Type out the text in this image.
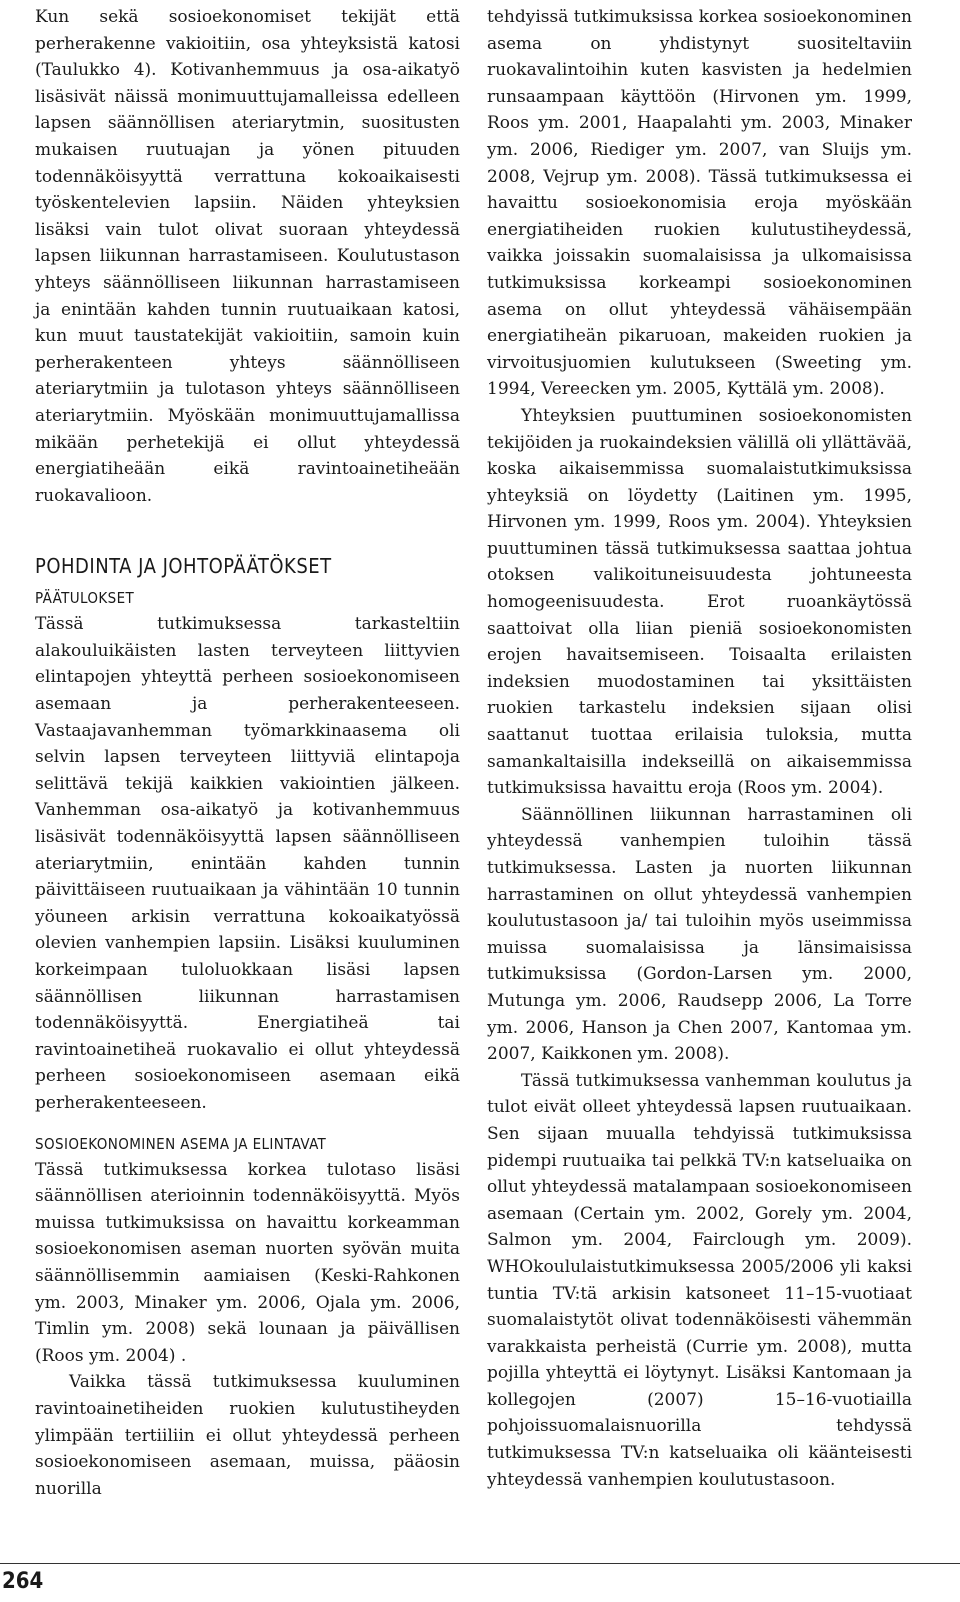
Kun sekä sosioekonomiset tekijät että perherakenne vakioitiin, osa yhteyksistä katosi (Taulukko 4). Kotivanhemmuus ja osa-aikatyö lisäsivät näissä monimuuttujamalleissa edelleen lapsen säännöllisen ateriarytmin, suositusten mukaisen ruutuajan ja yönen pituuden todennäköisyyttä verrattuna kokoaikaisesti työskentelevien lapsiin. Näiden yhteyksien lisäksi vain tulot olivat suoraan yhteydessä lapsen liikunnan harrastamiseen. Koulutustason yhteys säännölliseen liikunnan harrastamiseen ja enintään kahden tunnin ruutuaikaan katosi, kun muut taustatekijät vakioitiin, samoin kuin perherakenteen yhteys säännölliseen ateriarytmiin ja tulotason yhteys säännölliseen ateriarytmiin. Myöskään monimuuttujamallissa mikään perhetekijä ei ollut yhteydessä energiatiheään eikä ravintoainetiheään ruokavalioon.

POHDINTA JA JOHTOPÄÄTÖKSET
PÄÄTULOKSET

Tässä tutkimuksessa tarkasteltiin alakouluikäisten lasten terveyteen liittyvien elintapojen yhteyttä perheen sosioekonomiseen asemaan ja perherakenteeseen. Vastaajavanhemman työmarkkinaasema oli selvin lapsen terveyteen liittyviä elintapoja selittävä tekijä kaikkien vakiointien jälkeen. Vanhemman osa-aikatyö ja kotivanhemmuus lisäsivät todennäköisyyttä lapsen säännölliseen ateriarytmiin, enintään kahden tunnin päivittäiseen ruutuaikaan ja vähintään 10 tunnin yöuneen arkisin verrattuna kokoaikatyössä olevien vanhempien lapsiin. Lisäksi kuuluminen korkeimpaan tuloluokkaan lisäsi lapsen säännöllisen liikunnan harrastamisen todennäköisyyttä. Energiatiheä tai ravintoainetiheä ruokavalio ei ollut yhteydessä perheen sosioekonomiseen asemaan eikä perherakenteeseen.

SOSIOEKONOMINEN ASEMA JA ELINTAVAT

Tässä tutkimuksessa korkea tulotaso lisäsi säännöllisen aterioinnin todennäköisyyttä. Myös muissa tutkimuksissa on havaittu korkeamman sosioekonomisen aseman nuorten syövän muita säännöllisemmin aamiaisen (Keski-Rahkonen ym. 2003, Minaker ym. 2006, Ojala ym. 2006, Timlin ym. 2008) sekä lounaan ja päivällisen (Roos ym. 2004) .

Vaikka tässä tutkimuksessa kuuluminen ravintoainetiheiden ruokien kulutustiheyden ylimpään tertiiliin ei ollut yhteydessä perheen sosioekonomiseen asemaan, muissa, pääosin nuorilla

tehdyissä tutkimuksissa korkea sosioekonominen asema on yhdistynyt suositeltaviin ruokavalintoihin kuten kasvisten ja hedelmien runsaampaan käyttöön (Hirvonen ym. 1999, Roos ym. 2001, Haapalahti ym. 2003, Minaker ym. 2006, Riediger ym. 2007, van Sluijs ym. 2008, Vejrup ym. 2008). Tässä tutkimuksessa ei havaittu sosioekonomisia eroja myöskään energiatiheiden ruokien kulutustiheydessä, vaikka joissakin suomalaisissa ja ulkomaisissa tutkimuksissa korkeampi sosioekonominen asema on ollut yhteydessä vähäisempään energiatiheän pikaruoan, makeiden ruokien ja virvoitusjuomien kulutukseen (Sweeting ym. 1994, Vereecken ym. 2005, Kyttälä ym. 2008).

Yhteyksien puuttuminen sosioekonomisten tekijöiden ja ruokaindeksien välillä oli yllättävää, koska aikaisemmissa suomalaistutkimuksissa yhteyksiä on löydetty (Laitinen ym. 1995, Hirvonen ym. 1999, Roos ym. 2004). Yhteyksien puuttuminen tässä tutkimuksessa saattaa johtua otoksen valikoituneisuudesta johtuneesta homogeenisuudesta. Erot ruoankäytössä saattoivat olla liian pieniä sosioekonomisten erojen havaitsemiseen. Toisaalta erilaisten indeksien muodostaminen tai yksittäisten ruokien tarkastelu indeksien sijaan olisi saattanut tuottaa erilaisia tuloksia, mutta samankaltaisilla indekseillä on aikaisemmissa tutkimuksissa havaittu eroja (Roos ym. 2004).

Säännöllinen liikunnan harrastaminen oli yhteydessä vanhempien tuloihin tässä tutkimuksessa. Lasten ja nuorten liikunnan harrastaminen on ollut yhteydessä vanhempien koulutustasoon ja/ tai tuloihin myös useimmissa muissa suomalaisissa ja länsimaisissa tutkimuksissa (Gordon-Larsen ym. 2000, Mutunga ym. 2006, Raudsepp 2006, La Torre ym. 2006, Hanson ja Chen 2007, Kantomaa ym. 2007, Kaikkonen ym. 2008).

Tässä tutkimuksessa vanhemman koulutus ja tulot eivät olleet yhteydessä lapsen ruutuaikaan. Sen sijaan muualla tehdyissä tutkimuksissa pidempi ruutuaika tai pelkkä TV:n katseluaika on ollut yhteydessä matalampaan sosioekonomiseen asemaan (Certain ym. 2002, Gorely ym. 2004, Salmon ym. 2004, Fairclough ym. 2009). WHOkoululaistutkimuksessa 2005/2006 yli kaksi tuntia TV:tä arkisin katsoneet 11–15-vuotiaat suomalaistytöt olivat todennäköisesti vähemmän varakkaista perheistä (Currie ym. 2008), mutta pojilla yhteyttä ei löytynyt. Lisäksi Kantomaan ja kollegojen (2007) 15–16-vuotiailla pohjoissuomalaisnuorilla tehdyssä tutkimuksessa TV:n katseluaika oli käänteisesti yhteydessä vanhempien koulutustasoon.

264
